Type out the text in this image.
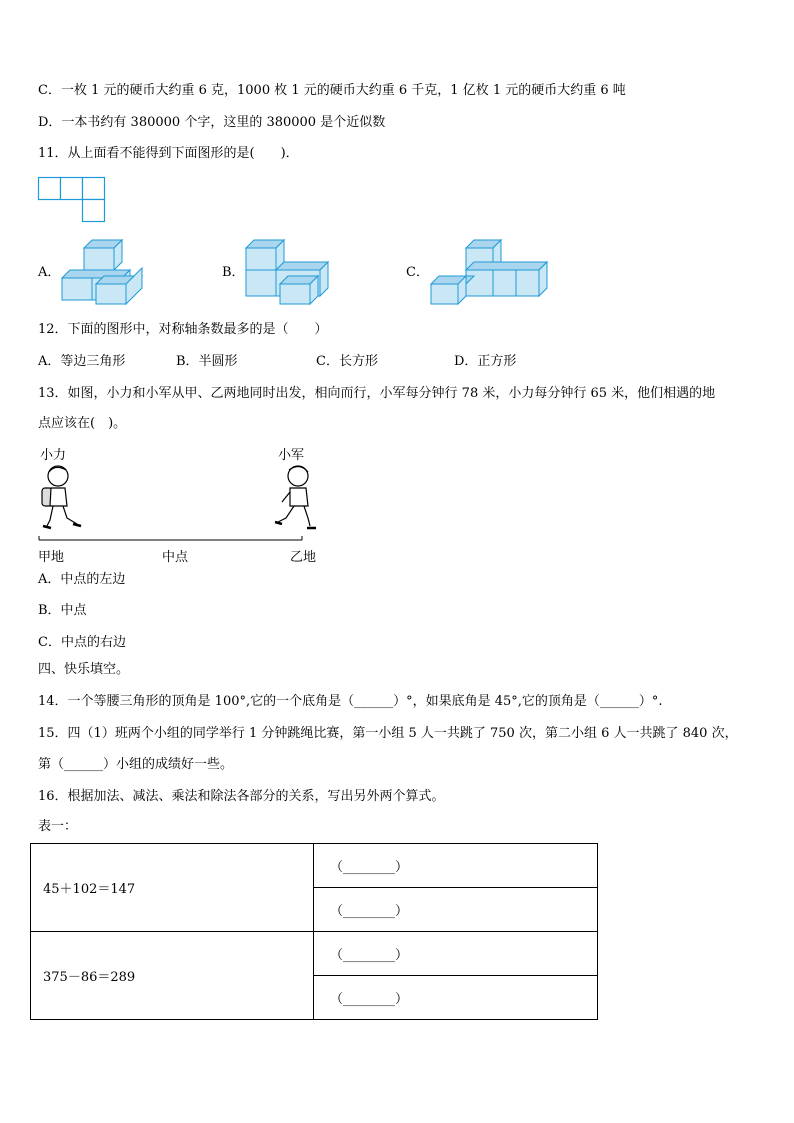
C．一枚 1 元的硬币大约重 6 克，1000 枚 1 元的硬币大约重 6 千克，1 亿枚 1 元的硬币大约重 6 吨
D．一本书约有 380000 个字，这里的 380000 是个近似数
11．从上面看不能得到下面图形的是(　　)．
A．	B．	C．
12．下面的图形中，对称轴条数最多的是（　　）
A．等边三角形	B．半圆形	C．长方形	D．正方形
13．如图，小力和小军从甲、乙两地同时出发，相向而行，小军每分钟行 78 米，小力每分钟行 65 米，他们相遇的地
点应该在(　)。
小力	小军
甲地	中点	乙地
A．中点的左边
B．中点
C．中点的右边
四、快乐填空。
14．一个等腰三角形的顶角是 100°,它的一个底角是（______）°，如果底角是 45°,它的顶角是（______）°.
15．四（1）班两个小组的同学举行 1 分钟跳绳比赛，第一小组 5 人一共跳了 750 次，第二小组 6 人一共跳了 840 次，
第（______）小组的成绩好一些。
16．根据加法、减法、乘法和除法各部分的关系，写出另外两个算式。
表一：
45＋102＝147	（________）
	（________）
375－86＝289	（________）
	（________）
